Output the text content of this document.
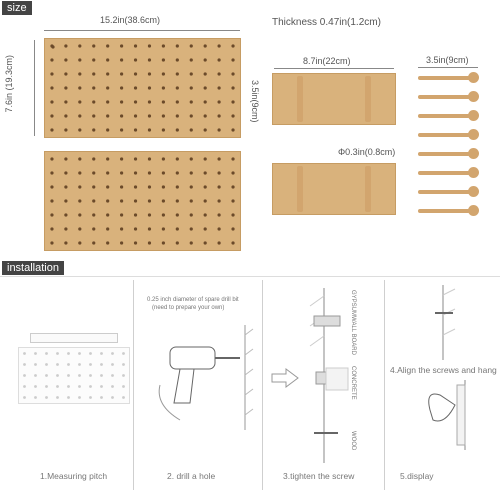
size
15.2in(38.6cm)
7.6in (19.3cm)
Thickness 0.47in(1.2cm)
8.7in(22cm)
3.5in(9cm)
Φ0.3in(0.8cm)
3.5in(9cm)
installation
1.Measuring pitch
0.25 inch diameter of spare drill bit
(need to prepare your own)
2. drill a hole
GYPSUMWALL BOARD
CONCRETE
WOOD
3.tighten the screw
4.Align the screws and hang
5.display
